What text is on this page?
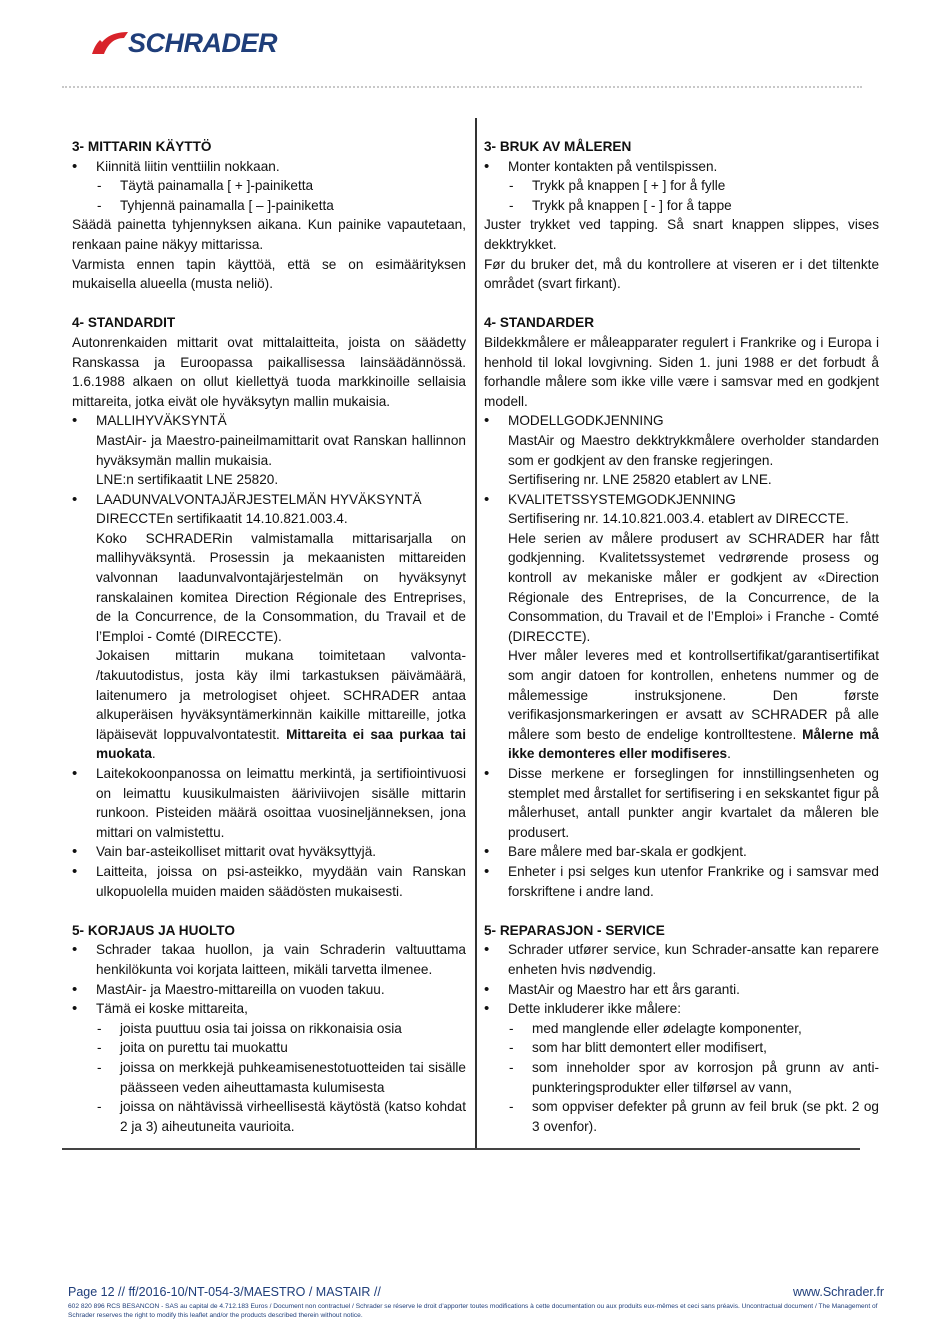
SCHRADER
3- MITTARIN KÄYTTÖ
• Kiinnitä liitin venttiilin nokkaan.
- Täytä painamalla [ + ]-painiketta
- Tyhjennä painamalla [ – ]-painiketta

Säädä painetta tyhjennyksen aikana. Kun painike vapautetaan, renkaan paine näkyy mittarissa.

Varmista ennen tapin käyttöä, että se on esimäärityksen mukaisella alueella (musta neliö).

4- STANDARDIT

Autonrenkaiden mittarit ovat mittalaitteita, joista on säädetty Ranskassa ja Euroopassa paikallisessa lainsäädännössä. 1.6.1988 alkaen on ollut kiellettyä tuoda markkinoille sellaisia mittareita, jotka eivät ole hyväksytyn mallin mukaisia.

• MALLIHYVÄKSYNTÄ
MastAir- ja Maestro-paineilmamittarit ovat Ranskan hallinnon hyväksymän mallin mukaisia.
LNE:n sertifikaatit LNE 25820.
• LAADUNVALVONTAJÄRJESTELMÄN HYVÄKSYNTÄ
DIRECCTEn sertifikaatit 14.10.821.003.4.
Koko SCHRADERin valmistamalla mittarisarjalla on mallihyväksyntä. Prosessin ja mekaanisten mittareiden valvonnan laadunvalvontajärjestelmän on hyväksynyt ranskalainen komitea Direction Régionale des Entreprises, de la Concurrence, de la Consommation, du Travail et de l’Emploi - Comté (DIRECCTE).
Jokaisen mittarin mukana toimitetaan valvonta- /takuutodistus, josta käy ilmi tarkastuksen päivämäärä, laitenumero ja metrologiset ohjeet. SCHRADER antaa alkuperäisen hyväksyntämerkinnän kaikille mittareille, jotka läpäisevät loppuvalvontatestit. Mittareita ei saa purkaa tai muokata.
• Laitekokoonpanossa on leimattu merkintä, ja sertifiointivuosi on leimattu kuusikulmaisten ääriviivojen sisälle mittarin runkoon. Pisteiden määrä osoittaa vuosineljänneksen, jona mittari on valmistettu.
• Vain bar-asteikolliset mittarit ovat hyväksyttyjä.
• Laitteita, joissa on psi-asteikko, myydään vain Ranskan ulkopuolella muiden maiden säädösten mukaisesti.
5- KORJAUS JA HUOLTO
• Schrader takaa huollon, ja vain Schraderin valtuuttama henkilökunta voi korjata laitteen, mikäli tarvetta ilmenee.
• MastAir- ja Maestro-mittareilla on vuoden takuu.
• Tämä ei koske mittareita,
- joista puuttuu osia tai joissa on rikkonaisia osia
- joita on purettu tai muokattu
- joissa on merkkejä puhkeamisenestotuotteiden tai sisälle päässeen veden aiheuttamasta kulumisesta
- joissa on nähtävissä virheellisestä käytöstä (katso kohdat 2 ja 3) aiheutuneita vaurioita.
3- BRUK AV MÅLEREN
• Monter kontakten på ventilspissen.
- Trykk på knappen [ + ] for å fylle
- Trykk på knappen [ - ] for å tappe

Juster trykket ved tapping. Så snart knappen slippes, vises dekktrykket.

Før du bruker det, må du kontrollere at viseren er i det tiltenkte området (svart firkant).

4- STANDARDER

Bildekkmålere er måleapparater regulert i Frankrike og i Europa i henhold til lokal lovgivning. Siden 1. juni 1988 er det forbudt å forhandle målere som ikke ville være i samsvar med en godkjent modell.

• MODELLGODKJENNING
MastAir og Maestro dekktrykkmålere overholder standarden som er godkjent av den franske regjeringen.
Sertifisering nr. LNE 25820 etablert av LNE.
• KVALITETSSYSTEMGODKJENNING
Sertifisering nr. 14.10.821.003.4. etablert av DIRECCTE.
Hele serien av målere produsert av SCHRADER har fått godkjenning. Kvalitetssystemet vedrørende prosess og kontroll av mekaniske måler er godkjent av «Direction Régionale des Entreprises, de la Concurrence, de la Consommation, du Travail et de l’Emploi» i Franche - Comté (DIRECCTE).
Hver måler leveres med et kontrollsertifikat/garantisertifikat som angir datoen for kontrollen, enhetens nummer og de målemessige instruksjonene. Den første verifikasjonsmarkeringen er avsatt av SCHRADER på alle målere som besto de endelige kontrolltestene. Målerne må ikke demonteres eller modifiseres.
• Disse merkene er forseglingen for innstillingsenheten og stemplet med årstallet for sertifisering i en sekskantet figur på målerhuset, antall punkter angir kvartalet da måleren ble produsert.
• Bare målere med bar-skala er godkjent.
• Enheter i psi selges kun utenfor Frankrike og i samsvar med forskriftene i andre land.
5- REPARASJON - SERVICE
• Schrader utfører service, kun Schrader-ansatte kan reparere enheten hvis nødvendig.
• MastAir og Maestro har ett års garanti.
• Dette inkluderer ikke målere:
- med manglende eller ødelagte komponenter,
- som har blitt demontert eller modifisert,
- som inneholder spor av korrosjon på grunn av anti-punkteringsprodukter eller tilførsel av vann,
- som oppviser defekter på grunn av feil bruk (se pkt. 2 og 3 ovenfor).
Page 12 // ff/2016-10/NT-054-3/MAESTRO / MASTAIR //	www.Schrader.fr
602 820 896 RCS BESANCON - SAS au capital de 4.712.183 Euros / Document non contractuel / Schrader se réserve le droit d’apporter toutes modifications à cette documentation ou aux produits eux-mêmes et ceci sans préavis. Uncontractual document / The Management of Schrader reserves the right to modify this leaflet and/or the products described therein without notice.
